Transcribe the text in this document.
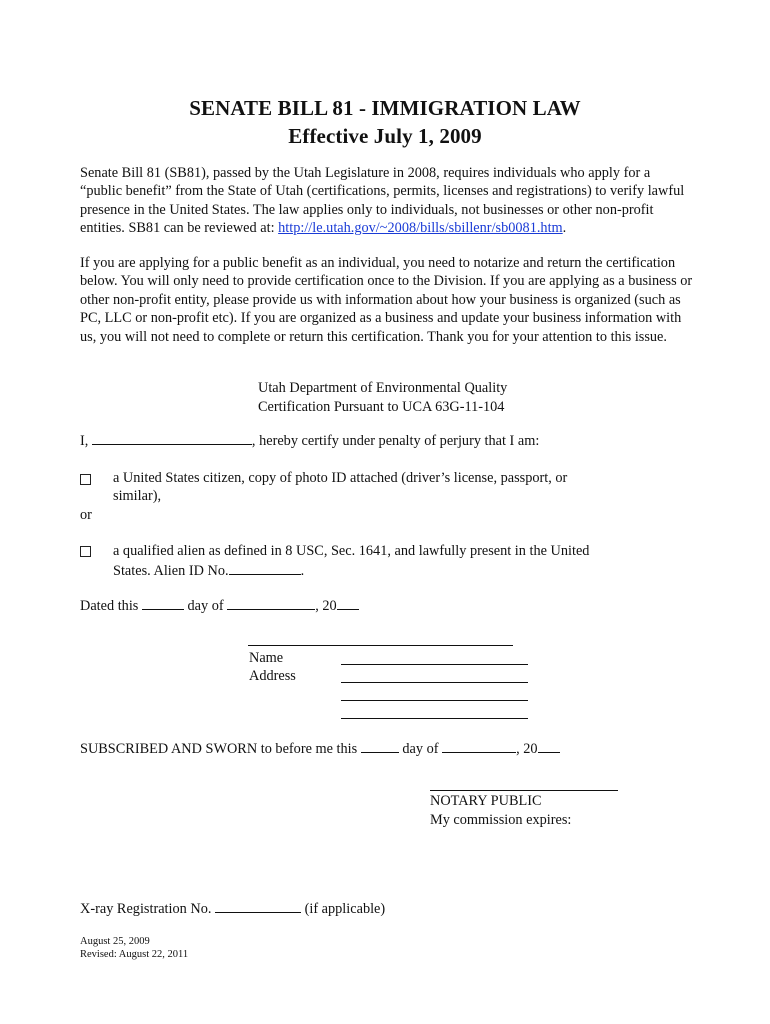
SENATE BILL 81 - IMMIGRATION LAW
Effective July 1, 2009
Senate Bill 81 (SB81), passed by the Utah Legislature in 2008, requires individuals who apply for a “public benefit” from the State of Utah (certifications, permits, licenses and registrations) to verify lawful presence in the United States. The law applies only to individuals, not businesses or other non-profit entities. SB81 can be reviewed at: http://le.utah.gov/~2008/bills/sbillenr/sb0081.htm.
If you are applying for a public benefit as an individual, you need to notarize and return the certification below. You will only need to provide certification once to the Division. If you are applying as a business or other non-profit entity, please provide us with information about how your business is organized (such as PC, LLC or non-profit etc). If you are organized as a business and update your business information with us, you will not need to complete or return this certification. Thank you for your attention to this issue.
Utah Department of Environmental Quality
Certification Pursuant to UCA 63G-11-104
I,	, hereby certify under penalty of perjury that I am:
a United States citizen, copy of photo ID attached (driver’s license, passport, or
similar),
or
a qualified alien as defined in 8 USC, Sec. 1641, and lawfully present in the United
States. Alien ID No.	.
Dated this	day of	, 20
Name
Address
SUBSCRIBED AND SWORN to before me this	day of	, 20
NOTARY PUBLIC
My commission expires:
X-ray Registration No.	(if applicable)
August 25, 2009
Revised: August 22, 2011
